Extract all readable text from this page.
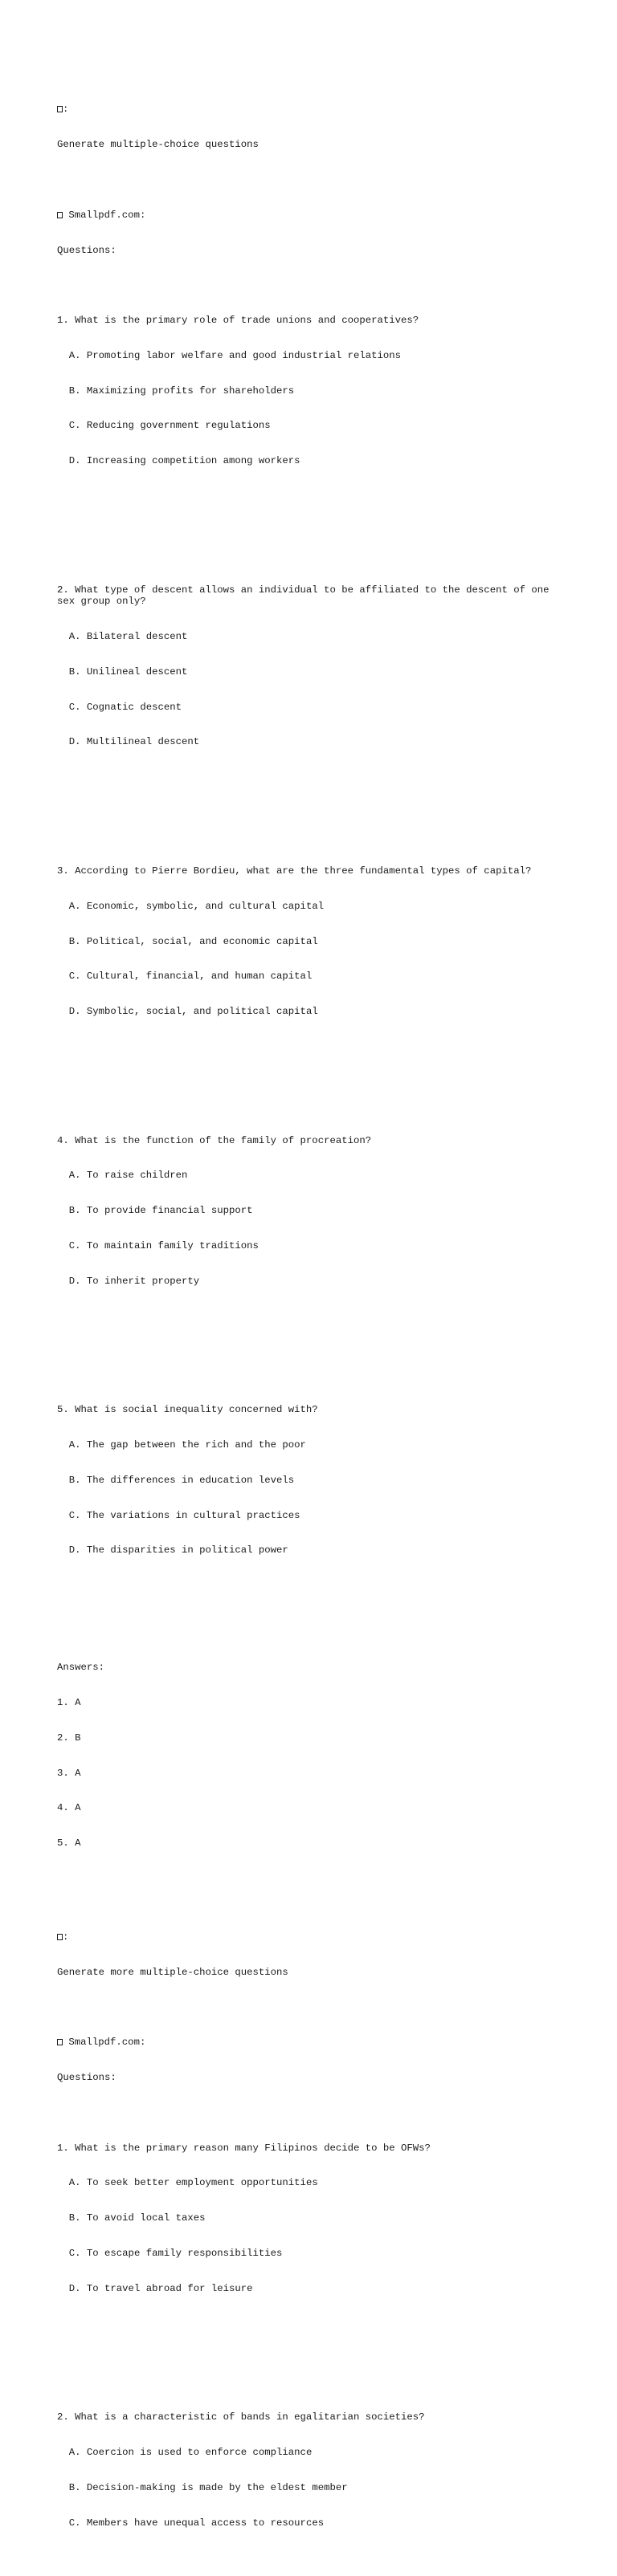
:

Generate multiple-choice questions

Smallpdf.com:

Questions:

1. What is the primary role of trade unions and cooperatives?

A. Promoting labor welfare and good industrial relations

B. Maximizing profits for shareholders

C. Reducing government regulations

D. Increasing competition among workers

2. What type of descent allows an individual to be affiliated to the descent of one sex group only?

A. Bilateral descent

B. Unilineal descent

C. Cognatic descent

D. Multilineal descent

3. According to Pierre Bordieu, what are the three fundamental types of capital?

A. Economic, symbolic, and cultural capital

B. Political, social, and economic capital

C. Cultural, financial, and human capital

D. Symbolic, social, and political capital

4. What is the function of the family of procreation?

A. To raise children

B. To provide financial support

C. To maintain family traditions

D. To inherit property

5. What is social inequality concerned with?

A. The gap between the rich and the poor

B. The differences in education levels

C. The variations in cultural practices

D. The disparities in political power

Answers:

1. A

2. B

3. A

4. A

5. A

:

Generate more multiple-choice questions

Smallpdf.com:

Questions:

1. What is the primary reason many Filipinos decide to be OFWs?

A. To seek better employment opportunities

B. To avoid local taxes

C. To escape family responsibilities

D. To travel abroad for leisure

2. What is a characteristic of bands in egalitarian societies?

A. Coercion is used to enforce compliance

B. Decision-making is made by the eldest member

C. Members have unequal access to resources
